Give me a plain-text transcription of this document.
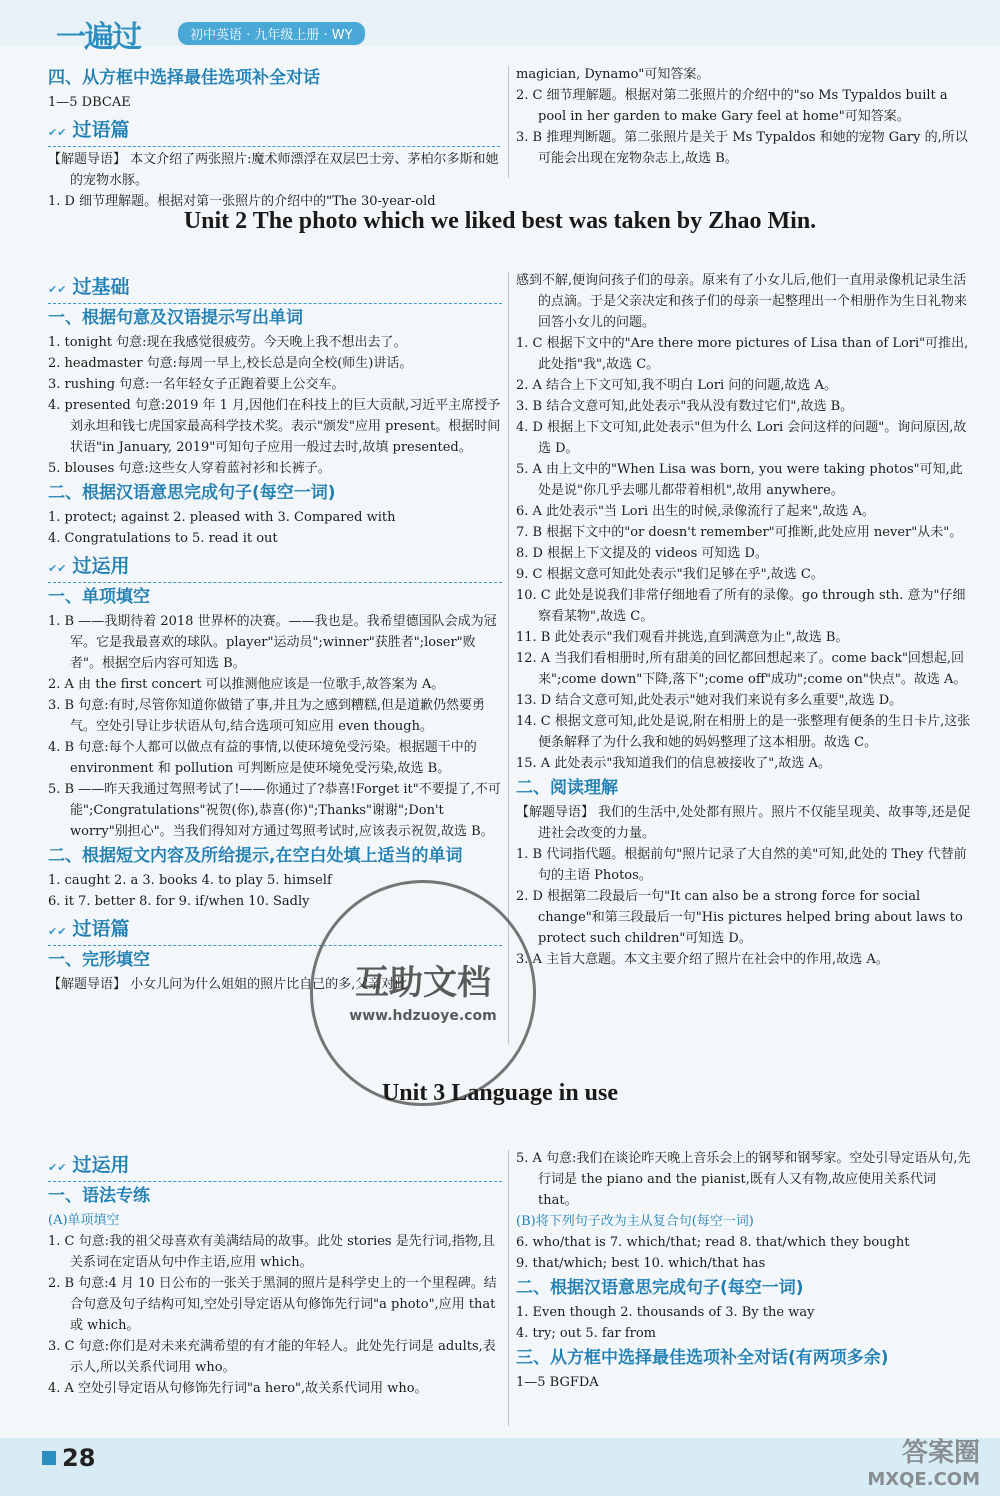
一遍过	初中英语 · 九年级上册 · WY
四、从方框中选择最佳选项补全对话

1—5 DBCAE

✔✔ 过语篇

【解题导语】 本文介绍了两张照片:魔术师漂浮在双层巴士旁、茅柏尔多斯和她的宠物水豚。

1. D 细节理解题。根据对第一张照片的介绍中的"The 30-year-old

magician, Dynamo"可知答案。

2. C 细节理解题。根据对第二张照片的介绍中的"so Ms Typaldos built a pool in her garden to make Gary feel at home"可知答案。

3. B 推理判断题。第二张照片是关于 Ms Typaldos 和她的宠物 Gary 的,所以可能会出现在宠物杂志上,故选 B。

Unit 2 The photo which we liked best was taken by Zhao Min.
✔✔ 过基础
一、根据句意及汉语提示写出单词

1. tonight 句意:现在我感觉很疲劳。今天晚上我不想出去了。

2. headmaster 句意:每周一早上,校长总是向全校(师生)讲话。

3. rushing 句意:一名年轻女子正跑着要上公交车。

4. presented 句意:2019 年 1 月,因他们在科技上的巨大贡献,习近平主席授予刘永坦和钱七虎国家最高科学技术奖。表示"颁发"应用 present。根据时间状语"in January, 2019"可知句子应用一般过去时,故填 presented。

5. blouses 句意:这些女人穿着蓝衬衫和长裤子。

二、根据汉语意思完成句子(每空一词)

1. protect; against 2. pleased with 3. Compared with

4. Congratulations to 5. read it out

✔✔ 过运用
一、单项填空

1. B ——我期待着 2018 世界杯的决赛。——我也是。我希望德国队会成为冠军。它是我最喜欢的球队。player"运动员";winner"获胜者";loser"败者"。根据空后内容可知选 B。

2. A 由 the first concert 可以推测他应该是一位歌手,故答案为 A。

3. B 句意:有时,尽管你知道你做错了事,并且为之感到糟糕,但是道歉仍然要勇气。空处引导让步状语从句,结合选项可知应用 even though。

4. B 句意:每个人都可以做点有益的事情,以使环境免受污染。根据题干中的 environment 和 pollution 可判断应是使环境免受污染,故选 B。

5. B ——昨天我通过驾照考试了!——你通过了?恭喜!Forget it"不要提了,不可能";Congratulations"祝贺(你),恭喜(你)";Thanks"谢谢";Don't worry"别担心"。当我们得知对方通过驾照考试时,应该表示祝贺,故选 B。

二、根据短文内容及所给提示,在空白处填上适当的单词

1. caught 2. a 3. books 4. to play 5. himself

6. it 7. better 8. for 9. if/when 10. Sadly

✔✔ 过语篇
一、完形填空

【解题导语】 小女儿问为什么姐姐的照片比自己的多,父亲对此

感到不解,便询问孩子们的母亲。原来有了小女儿后,他们一直用录像机记录生活的点滴。于是父亲决定和孩子们的母亲一起整理出一个相册作为生日礼物来回答小女儿的问题。

1. C 根据下文中的"Are there more pictures of Lisa than of Lori"可推出,此处指"我",故选 C。

2. A 结合上下文可知,我不明白 Lori 问的问题,故选 A。

3. B 结合文意可知,此处表示"我从没有数过它们",故选 B。

4. D 根据上下文可知,此处表示"但为什么 Lori 会问这样的问题"。询问原因,故选 D。

5. A 由上文中的"When Lisa was born, you were taking photos"可知,此处是说"你几乎去哪儿都带着相机",故用 anywhere。

6. A 此处表示"当 Lori 出生的时候,录像流行了起来",故选 A。

7. B 根据下文中的"or doesn't remember"可推断,此处应用 never"从未"。

8. D 根据上下文提及的 videos 可知选 D。

9. C 根据文意可知此处表示"我们足够在乎",故选 C。

10. C 此处是说我们非常仔细地看了所有的录像。go through sth. 意为"仔细察看某物",故选 C。

11. B 此处表示"我们观看并挑选,直到满意为止",故选 B。

12. A 当我们看相册时,所有甜美的回忆都回想起来了。come back"回想起,回来";come down"下降,落下";come off"成功";come on"快点"。故选 A。

13. D 结合文意可知,此处表示"她对我们来说有多么重要",故选 D。

14. C 根据文意可知,此处是说,附在相册上的是一张整理有便条的生日卡片,这张便条解释了为什么我和她的妈妈整理了这本相册。故选 C。

15. A 此处表示"我知道我们的信息被接收了",故选 A。

二、阅读理解

【解题导语】 我们的生活中,处处都有照片。照片不仅能呈现美、故事等,还是促进社会改变的力量。

1. B 代词指代题。根据前句"照片记录了大自然的美"可知,此处的 They 代替前句的主语 Photos。

2. D 根据第二段最后一句"It can also be a strong force for social change"和第三段最后一句"His pictures helped bring about laws to protect such children"可知选 D。

3. A 主旨大意题。本文主要介绍了照片在社会中的作用,故选 A。

互助文档
www.hdzuoye.com
Unit 3 Language in use
✔✔ 过运用
一、语法专练
(A)单项填空

1. C 句意:我的祖父母喜欢有美满结局的故事。此处 stories 是先行词,指物,且关系词在定语从句中作主语,应用 which。

2. B 句意:4 月 10 日公布的一张关于黑洞的照片是科学史上的一个里程碑。结合句意及句子结构可知,空处引导定语从句修饰先行词"a photo",应用 that 或 which。

3. C 句意:你们是对未来充满希望的有才能的年轻人。此处先行词是 adults,表示人,所以关系代词用 who。

4. A 空处引导定语从句修饰先行词"a hero",故关系代词用 who。

5. A 句意:我们在谈论昨天晚上音乐会上的钢琴和钢琴家。空处引导定语从句,先行词是 the piano and the pianist,既有人又有物,故应使用关系代词 that。

(B)将下列句子改为主从复合句(每空一词)

6. who/that is 7. which/that; read 8. that/which they bought

9. that/which; best 10. which/that has

二、根据汉语意思完成句子(每空一词)

1. Even though 2. thousands of 3. By the way

4. try; out 5. far from

三、从方框中选择最佳选项补全对话(有两项多余)

1—5 BGFDA

28	答案圈
MXQE.COM
